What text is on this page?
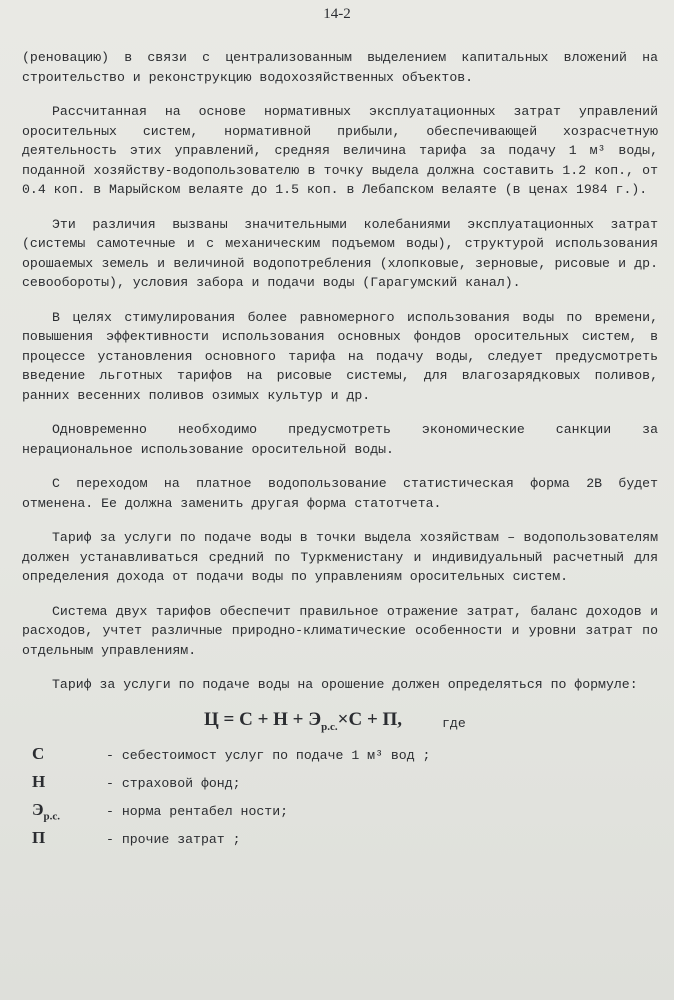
14-2

(реновацию) в связи с централизованным выделением капитальных вложений на строительство и реконструкцию водохозяйственных объектов.

Рассчитанная на основе нормативных эксплуатационных затрат управлений оросительных систем, нормативной прибыли, обеспечивающей хозрасчетную деятельность этих управлений, средняя величина тарифа за подачу 1 м³ воды, поданной хозяйству-водопользователю в точку выдела должна составить 1.2 коп., от 0.4 коп. в Марыйском велаяте до 1.5 коп. в Лебапском велаяте (в ценах 1984 г.).

Эти различия вызваны значительными колебаниями эксплуатационных затрат (системы самотечные и с механическим подъемом воды), структурой использования орошаемых земель и величиной водопотребления (хлопковые, зерновые, рисовые и др. севообороты), условия забора и подачи воды (Гарагумский канал).

В целях стимулирования более равномерного использования воды по времени, повышения эффективности использования основных фондов оросительных систем, в процессе установления основного тарифа на подачу воды, следует предусмотреть введение льготных тарифов на рисовые системы, для влагозарядковых поливов, ранних весенних поливов озимых культур и др.

Одновременно необходимо предусмотреть экономические санкции за нерациональное использование оросительной воды.

С переходом на платное водопользование статистическая форма 2В будет отменена. Ее должна заменить другая форма статотчета.

Тариф за услуги по подаче воды в точки выдела хозяйствам – водопользователям должен устанавливаться средний по Туркменистану и индивидуальный расчетный для определения дохода от подачи воды по управлениям оросительных систем.

Система двух тарифов обеспечит правильное отражение затрат, баланс доходов и расходов, учтет различные природно-климатические особенности и уровни затрат по отдельным управлениям.

Тариф за услуги по подаче воды на орошение должен определяться по формуле:

$Ц = С + Н + Э_{р.с.}\times С + П$,	где
С	- себестоимост услуг по подаче 1 м³ вод ;
Н	- страховой фонд;
$Э_{р.с.}$	- норма рентабел ности;
П	- прочие затрат ;
